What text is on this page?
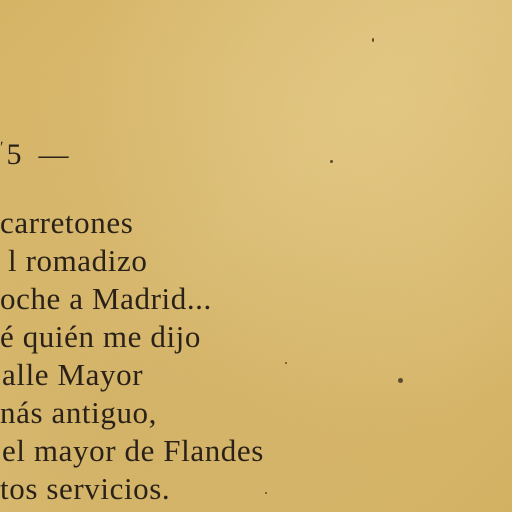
$^ʹ$5 —
carretones
l romadizo
oche a Madrid...
é quién me dijo
alle Mayor
nás antiguo,
el mayor de Flandes
tos servicios.
